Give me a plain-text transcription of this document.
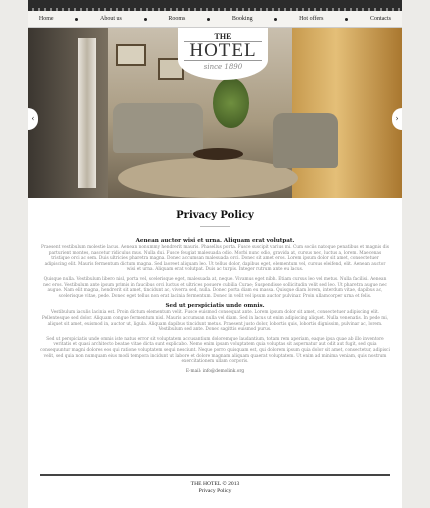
Home	About us	Rooms	Booking	Hot offers	Contacts
THE
HOTEL
since 1890
‹	›
Privacy Policy
Aenean auctor wisi et urna. Aliquam erat volutpat.

Praesent vestibulum molestie lacus. Aenean nonummy hendrerit mauris. Phasellus porta. Fusce suscipit varius mi. Cum sociis natoque penatibus et magnis dis parturient montes, nascetur ridiculus mus. Nulla dui. Fusce feugiat malesuada odio. Morbi nunc odio, gravida at, cursus nec, luctus a, lorem. Maecenas tristique orci ac sem. Duis ultricies pharetra magna. Donec accumsan malesuada orci. Donec sit amet eros. Lorem ipsum dolor sit amet, consectetuer adipiscing elit. Mauris fermentum dictum magna. Sed laoreet aliquam leo. Ut tellus dolor, dapibus eget, elementum vel, cursus eleifend, elit. Aenean auctor wisi et urna. Aliquam erat volutpat. Duis ac turpis. Integer rutrum ante eu lacus.

Quisque nulla. Vestibulum libero nisl, porta vel, scelerisque eget, malesuada at, neque. Vivamus eget nibh. Etiam cursus leo vel metus. Nulla facilisi. Aenean nec eros. Vestibulum ante ipsum primis in faucibus orci luctus et ultrices posuere cubilia Curae; Suspendisse sollicitudin velit sed leo. Ut pharetra augue nec augue. Nam elit magna, hendrerit sit amet, tincidunt ac, viverra sed, nulla. Donec porta diam eu massa. Quisque diam lorem, interdum vitae, dapibus ac, scelerisque vitae, pede. Donec eget tellus non erat lacinia fermentum. Donec in velit vel ipsum auctor pulvinar. Proin ullamcorper urna et felis.

Sed ut perspiciatis unde omnis.

Vestibulum iaculis lacinia est. Proin dictum elementum velit. Fusce euismod consequat ante. Lorem ipsum dolor sit amet, consectetuer adipiscing elit. Pellentesque sed dolor. Aliquam congue fermentum nisl. Mauris accumsan nulla vel diam. Sed in lacus ut enim adipiscing aliquet. Nulla venenatis. In pede mi, aliquet sit amet, euismod in, auctor ut, ligula. Aliquam dapibus tincidunt metus. Praesent justo dolor, lobortis quis, lobortis dignissim, pulvinar ac, lorem. Vestibulum sed ante. Donec sagittis euismod purus.

Sed ut perspiciatis unde omnis iste natus error sit voluptatem accusantium doloremque laudantium, totam rem aperiam, eaque ipsa quae ab illo inventore veritatis et quasi architecto beatae vitae dicta sunt explicabo. Nemo enim ipsam voluptatem quia voluptas sit aspernatur aut odit aut fugit, sed quia consequuntur magni dolores eos qui ratione voluptatem sequi nesciunt. Neque porro quisquam est, qui dolorem ipsum quia dolor sit amet, consectetur, adipisci velit, sed quia non numquam eius modi tempora incidunt ut labore et dolore magnam aliquam quaerat voluptatem. Ut enim ad minima veniam, quis nostrum exercitationem ullam corporis.

E-mail: info@demolink.org
THE HOTEL © 2013
Privacy Policy
